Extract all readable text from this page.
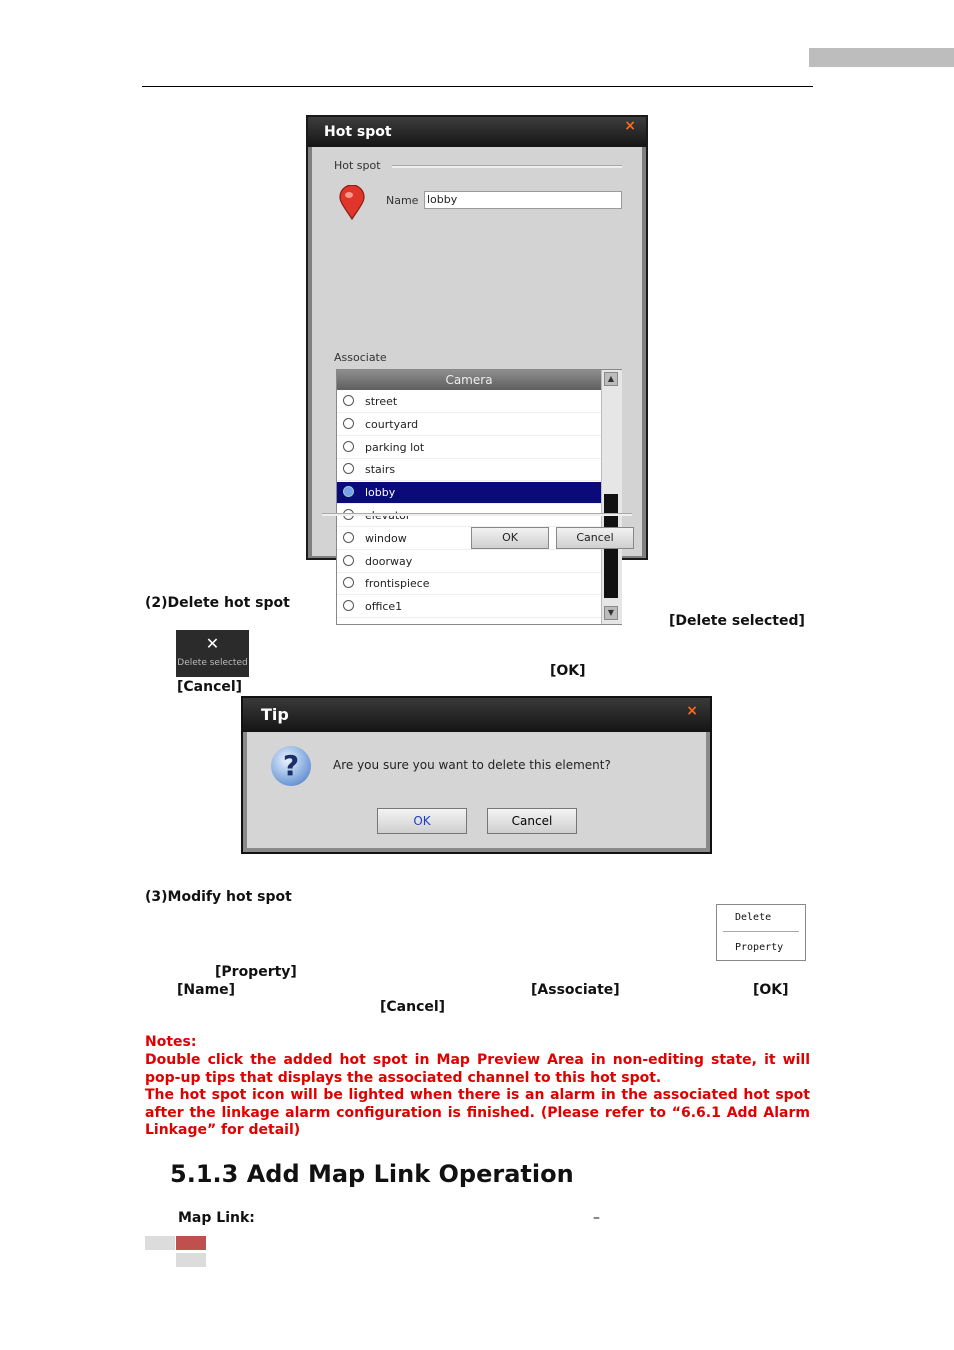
Hot spot	×
Hot spot
Name lobby
Associate
Camera
street
courtyard
parking lot
stairs
lobby
window
doorway
frontispiece
office1
▲
▼
OK	Cancel
(2)Delete hot spot
[Delete selected]
✕
Delete selected	[OK]
[Cancel]
Tip	×
?	Are you sure you want to delete this element?
OK	Cancel
(3)Modify hot spot
Delete
Property
[Property]
[Name]	[Associate]	[OK]
[Cancel]
Notes:
Double click the added hot spot in Map Preview Area in non-editing state, it will pop-up tips that displays the associated channel to this hot spot.
The hot spot icon will be lighted when there is an alarm in the associated hot spot after the linkage alarm configuration is finished. (Please refer to “6.6.1 Add Alarm Linkage” for detail)
5.1.3 Add Map Link Operation
Map Link:	–
